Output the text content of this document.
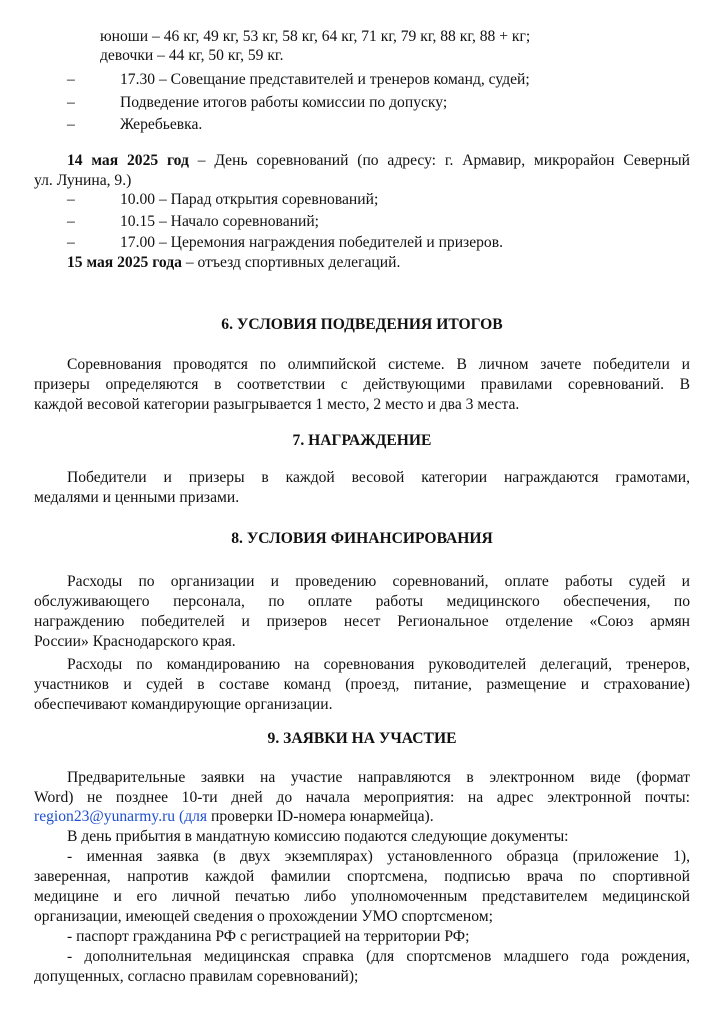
юноши – 46 кг, 49 кг, 53 кг, 58 кг, 64 кг, 71 кг, 79 кг, 88 кг, 88 + кг;
девочки – 44 кг, 50 кг, 59 кг.
–	17.30 – Совещание представителей и тренеров команд, судей;
–	Подведение итогов работы комиссии по допуску;
–	Жеребьевка.
14 мая 2025 год – День соревнований (по адресу: г. Армавир, микрорайон Северный
ул. Лунина, 9.)
–	10.00 – Парад открытия соревнований;
–	10.15 – Начало соревнований;
–	17.00 – Церемония награждения победителей и призеров.
15 мая 2025 года – отъезд спортивных делегаций.
6. УСЛОВИЯ ПОДВЕДЕНИЯ ИТОГОВ
Соревнования проводятся по олимпийской системе. В личном зачете победители и
призеры определяются в соответствии с действующими правилами соревнований. В
каждой весовой категории разыгрывается 1 место, 2 место и два 3 места.
7. НАГРАЖДЕНИЕ
Победители и призеры в каждой весовой категории награждаются грамотами,
медалями и ценными призами.
8. УСЛОВИЯ ФИНАНСИРОВАНИЯ
Расходы по организации и проведению соревнований, оплате работы судей и
обслуживающего персонала, по оплате работы медицинского обеспечения, по
награждению победителей и призеров несет Региональное отделение «Союз армян
России» Краснодарского края.
Расходы по командированию на соревнования руководителей делегаций, тренеров,
участников и судей в составе команд (проезд, питание, размещение и страхование)
обеспечивают командирующие организации.
9. ЗАЯВКИ НА УЧАСТИЕ
Предварительные заявки на участие направляются в электронном виде (формат
Word) не позднее 10-ти дней до начала мероприятия: на адрес электронной почты:
region23@yunarmy.ru (для проверки ID-номера юнармейца).
В день прибытия в мандатную комиссию подаются следующие документы:
- именная заявка (в двух экземплярах) установленного образца (приложение 1),
заверенная, напротив каждой фамилии спортсмена, подписью врача по спортивной
медицине и его личной печатью либо уполномоченным представителем медицинской
организации, имеющей сведения о прохождении УМО спортсменом;
- паспорт гражданина РФ с регистрацией на территории РФ;
- дополнительная медицинская справка (для спортсменов младшего года рождения,
допущенных, согласно правилам соревнований);
